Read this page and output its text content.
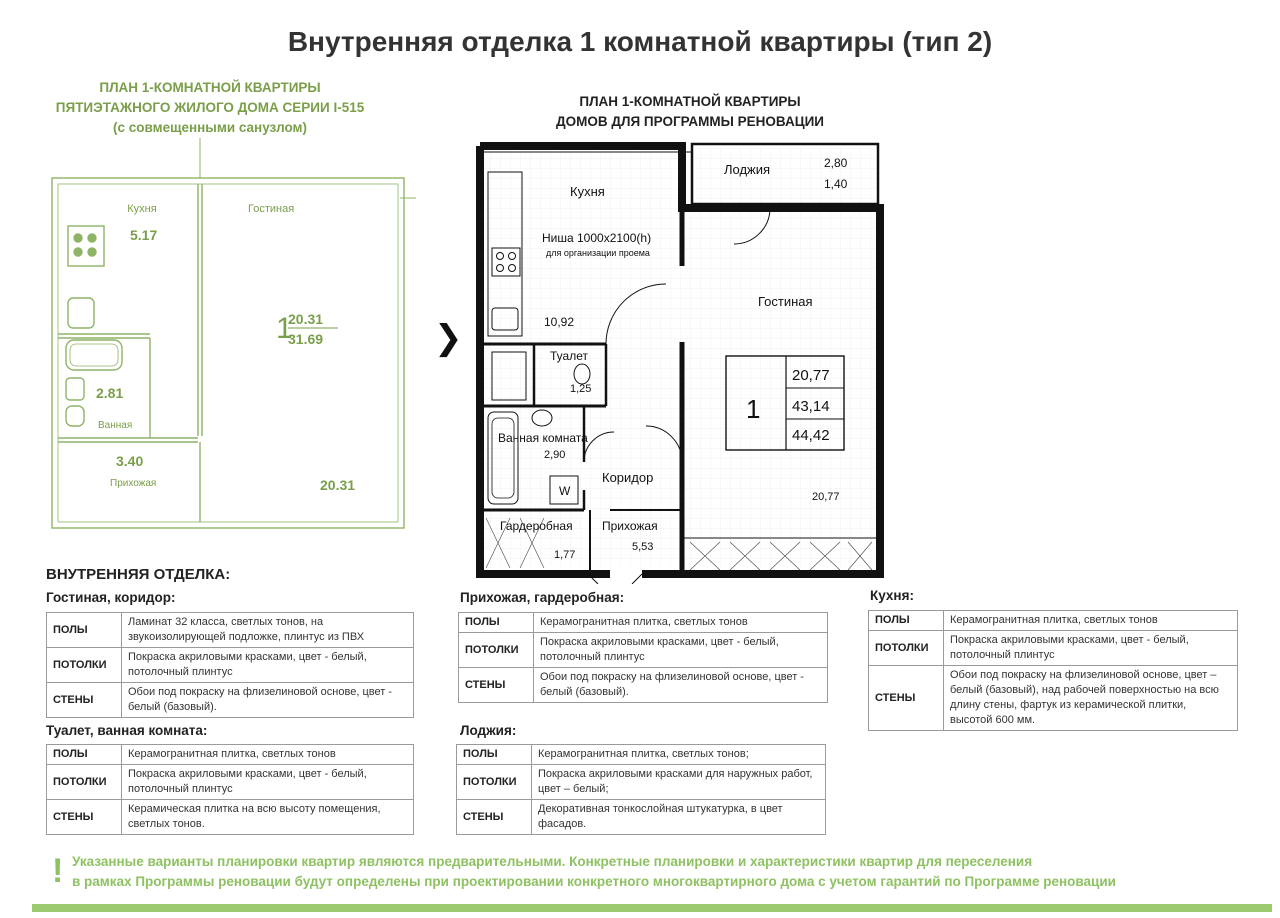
Внутренняя отделка 1 комнатной квартиры (тип 2)
ПЛАН 1-КОМНАТНОЙ КВАРТИРЫ
ПЯТИЭТАЖНОГО ЖИЛОГО ДОМА СЕРИИ I-515
(с совмещенными санузлом)
Кухня
5.17
Гостиная
1
20.31
31.69
2.81
Ванная
3.40
Прихожая	20.31
❯
ПЛАН 1-КОМНАТНОЙ КВАРТИРЫ
ДОМОВ ДЛЯ ПРОГРАММЫ РЕНОВАЦИИ
Кухня
Лоджия	2,80
1,40
Ниша 1000х2100(h)
для организации проема
10,92
Гостиная
1
20,77
43,14
44,42
Туалет
1,25
Ванная комната
2,90
W
Коридор
20,77
Гардеробная
1,77
Прихожая
5,53
ВНУТРЕННЯЯ ОТДЕЛКА:
Гостиная, коридор:
ПОЛЫ	Ламинат 32 класса, светлых тонов, на звукоизолирующей подложке, плинтус из ПВХ
ПОТОЛКИ	Покраска акриловыми красками, цвет - белый, потолочный плинтус
СТЕНЫ	Обои под покраску на флизелиновой основе, цвет - белый (базовый).
Туалет, ванная комната:
ПОЛЫ	Керамогранитная плитка, светлых тонов
ПОТОЛКИ	Покраска акриловыми красками, цвет - белый, потолочный плинтус
СТЕНЫ	Керамическая плитка на всю высоту помещения, светлых тонов.
Прихожая, гардеробная:
ПОЛЫ	Керамогранитная плитка, светлых тонов
ПОТОЛКИ	Покраска акриловыми красками, цвет - белый, потолочный плинтус
СТЕНЫ	Обои под покраску на флизелиновой основе, цвет - белый (базовый).
Лоджия:
ПОЛЫ	Керамогранитная плитка, светлых тонов;
ПОТОЛКИ	Покраска акриловыми красками для наружных работ, цвет – белый;
СТЕНЫ	Декоративная тонкослойная штукатурка, в цвет фасадов.
Кухня:
ПОЛЫ	Керамогранитная плитка, светлых тонов
ПОТОЛКИ	Покраска акриловыми красками, цвет - белый, потолочный плинтус
СТЕНЫ	Обои под покраску на флизелиновой основе, цвет – белый (базовый), над рабочей поверхностью на всю длину стены, фартук из керамической плитки, высотой 600 мм.
! Указанные варианты планировки квартир являются предварительными. Конкретные планировки и характеристики квартир для переселения
в рамках Программы реновации будут определены при проектировании конкретного многоквартирного дома с учетом гарантий по Программе реновации
